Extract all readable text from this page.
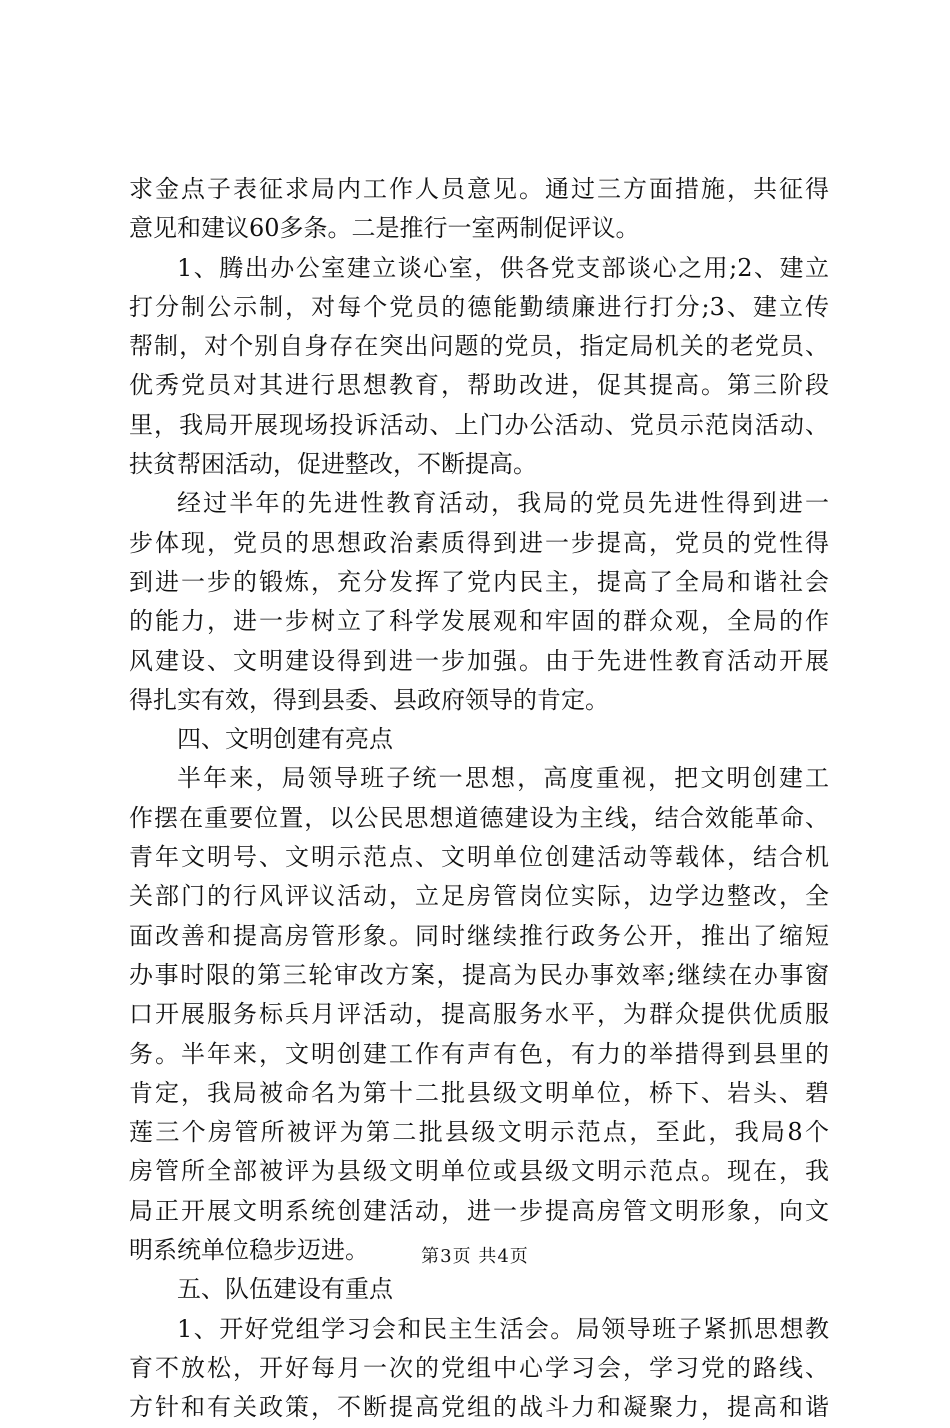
求金点子表征求局内工作人员意见。通过三方面措施，共征得
意见和建议60多条。二是推行一室两制促评议。
1、腾出办公室建立谈心室，供各党支部谈心之用;2、建立
打分制公示制，对每个党员的德能勤绩廉进行打分;3、建立传
帮制，对个别自身存在突出问题的党员，指定局机关的老党员、
优秀党员对其进行思想教育，帮助改进，促其提高。第三阶段
里，我局开展现场投诉活动、上门办公活动、党员示范岗活动、
扶贫帮困活动，促进整改，不断提高。
经过半年的先进性教育活动，我局的党员先进性得到进一
步体现，党员的思想政治素质得到进一步提高，党员的党性得
到进一步的锻炼，充分发挥了党内民主，提高了全局和谐社会
的能力，进一步树立了科学发展观和牢固的群众观，全局的作
风建设、文明建设得到进一步加强。由于先进性教育活动开展
得扎实有效，得到县委、县政府领导的肯定。
四、文明创建有亮点
半年来，局领导班子统一思想，高度重视，把文明创建工
作摆在重要位置，以公民思想道德建设为主线，结合效能革命、
青年文明号、文明示范点、文明单位创建活动等载体，结合机
关部门的行风评议活动，立足房管岗位实际，边学边整改，全
面改善和提高房管形象。同时继续推行政务公开，推出了缩短
办事时限的第三轮审改方案，提高为民办事效率;继续在办事窗
口开展服务标兵月评活动，提高服务水平，为群众提供优质服
务。半年来，文明创建工作有声有色，有力的举措得到县里的
肯定，我局被命名为第十二批县级文明单位，桥下、岩头、碧
莲三个房管所被评为第二批县级文明示范点，至此，我局8个
房管所全部被评为县级文明单位或县级文明示范点。现在，我
局正开展文明系统创建活动，进一步提高房管文明形象，向文
明系统单位稳步迈进。
五、队伍建设有重点
1、开好党组学习会和民主生活会。局领导班子紧抓思想教
育不放松，开好每月一次的党组中心学习会，学习党的路线、
方针和有关政策，不断提高党组的战斗力和凝聚力，提高和谐
第3页 共4页
